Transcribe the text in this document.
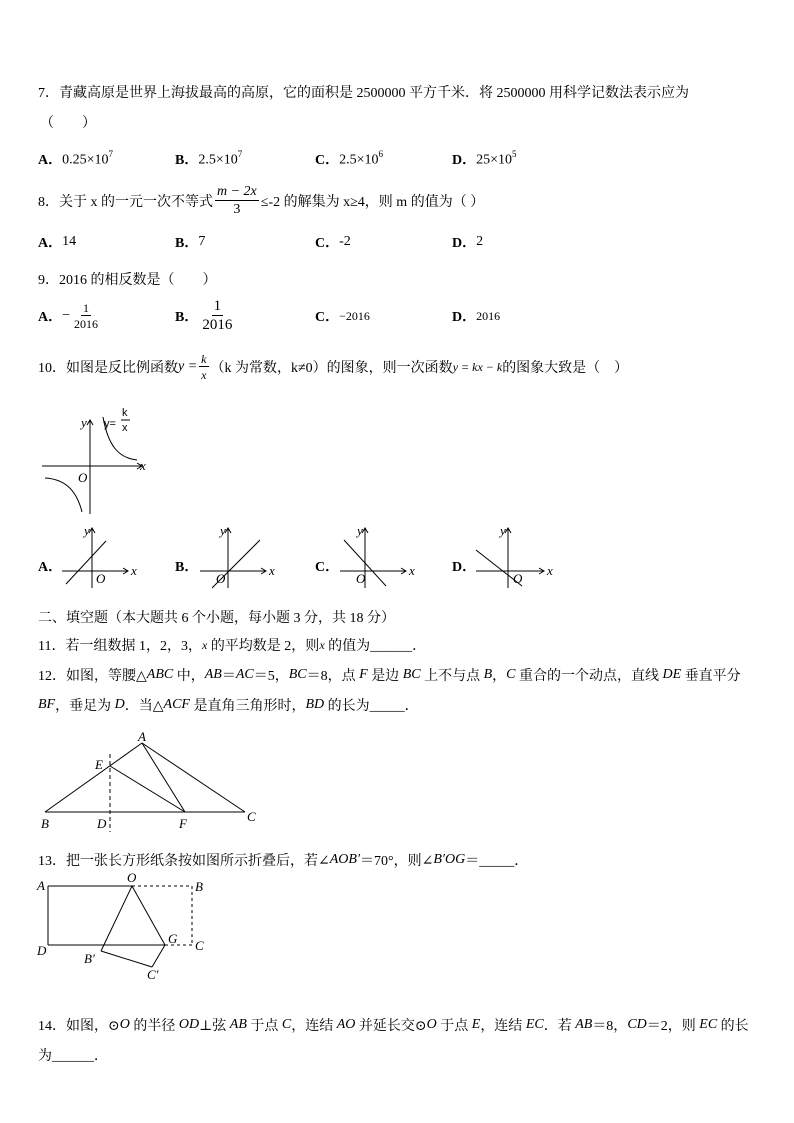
7．青藏高原是世界上海拔最高的高原，它的面积是 2500000 平方千米．将 2500000 用科学记数法表示应为
（　　）
A． $0.25\times 10^7$	B． $2.5\times 10^7$	C． $2.5\times 10^6$	D． $25\times 10^5$
8．关于 x 的一元一次不等式 $\frac{m - 2x}{3} \le-2$ 的解集为 x≥4，则 m 的值为（ ）
A． 14	B． 7	C． -2	D． 2
9．2016 的相反数是（　　）
A． − $\frac{1}{2016}$	B． $\frac{1}{2016}$	C． −2016	D． 2016
10．如图是反比例函数 $y = \frac{k}{x} (k$ 为常数，k≠0）的图象，则一次函数 y = kx − k 的图象大致是（　）
y
O
x
y=
k
x
A．	B．	C．	D．
y
O
x
y
O
x
y
O
x
y
O
x
二、填空题（本大题共 6 个小题，每小题 3 分，共 18 分）
11．若一组数据 1，2，3， x 的平均数是 2，则 x 的值为______．
12．如图，等腰△ ABC 中， AB ＝ AC ＝5， BC ＝8，点 F 是边 BC 上不与点 B ， C 重合的一个动点，直线 DE 垂直平分
BF ，垂足为 D ．当△ ACF 是直角三角形时， BD 的长为_____．
A
B	D	F	C
E
13．把一张长方形纸条按如图所示折叠后，若∠ AOB′ ＝70°，则∠ B′OG ＝_____．
A
O
B
D
G C
B′
C′
14．如图，⊙ O 的半径 OD ⊥弦 AB 于点 C ，连结 AO 并延长交⊙ O 于点 E ，连结 EC ．若 AB ＝8， CD ＝2，则 EC 的长
为______．
